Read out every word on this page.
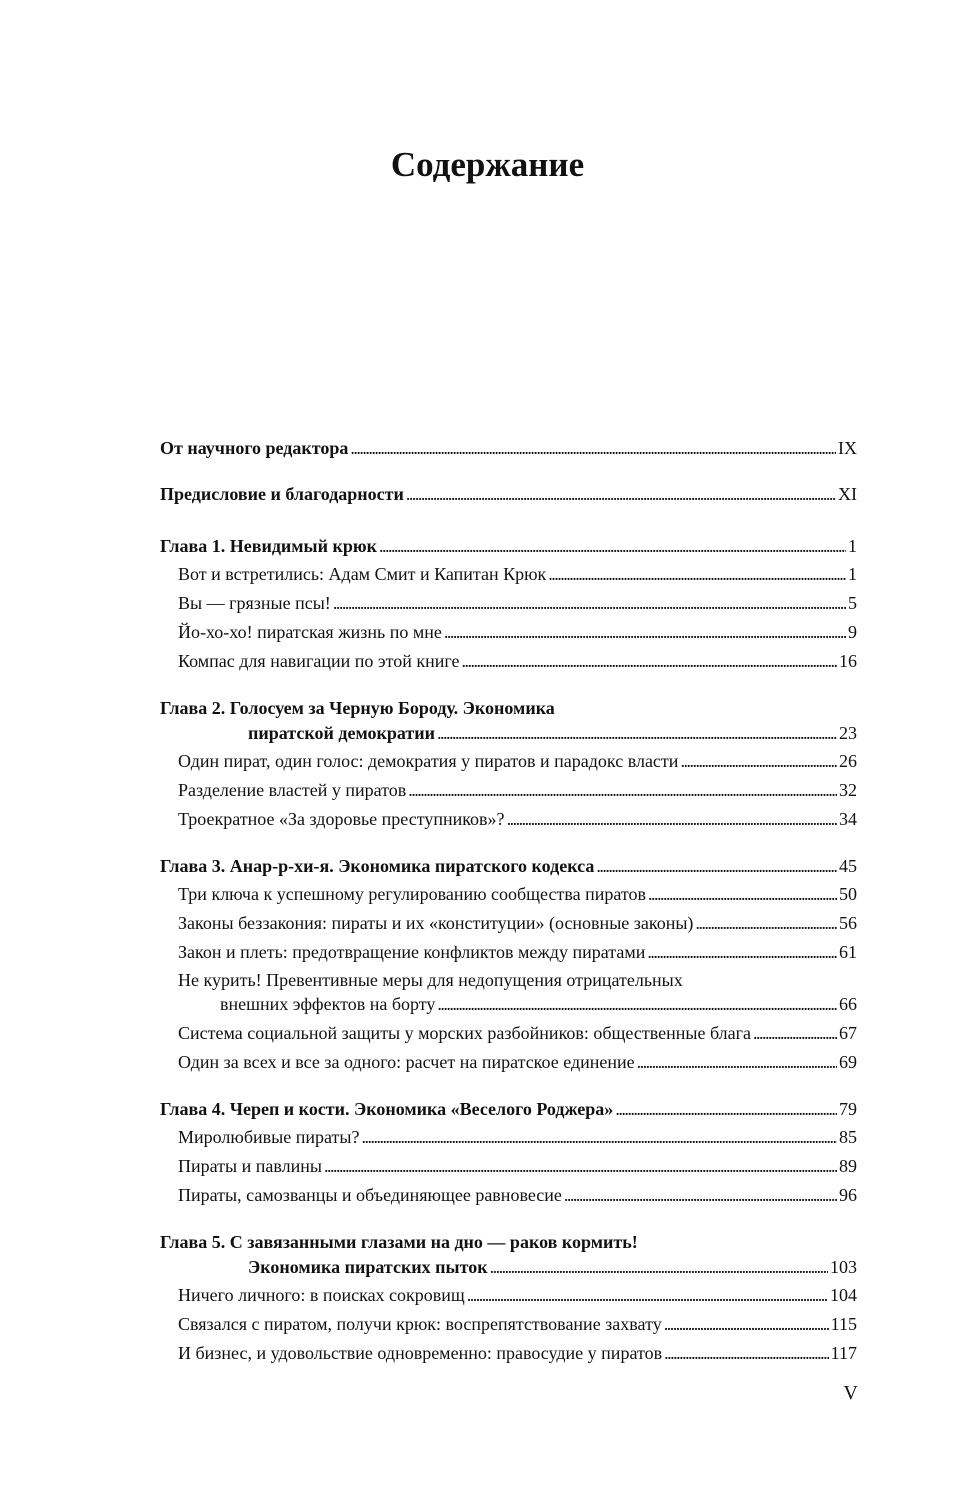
Содержание
От научного редактора . . .	IX
Предисловие и благодарности . . .	XI
Глава 1. Невидимый крюк . . .	1
Вот и встретились: Адам Смит и Капитан Крюк . . .	1
Вы — грязные псы! . . .	5
Йо-хо-хо! пиратская жизнь по мне . . .	9
Компас для навигации по этой книге . . .	16
Глава 2. Голосуем за Черную Бороду. Экономика
пиратской демократии . . .	23
Один пират, один голос: демократия у пиратов и парадокс власти . . .	26
Разделение властей у пиратов . . .	32
Троекратное «За здоровье преступников»? . . .	34
Глава 3. Анар-р-хи-я. Экономика пиратского кодекса . . .	45
Три ключа к успешному регулированию сообщества пиратов . . .	50
Законы беззакония: пираты и их «конституции» (основные законы) . . .	56
Закон и плеть: предотвращение конфликтов между пиратами . . .	61
Не курить! Превентивные меры для недопущения отрицательных
внешних эффектов на борту . . .	66
Система социальной защиты у морских разбойников: общественные блага . . .	67
Один за всех и все за одного: расчет на пиратское единение . . .	69
Глава 4. Череп и кости. Экономика «Веселого Роджера» . . .	79
Миролюбивые пираты? . . .	85
Пираты и павлины . . .	89
Пираты, самозванцы и объединяющее равновесие . . .	96
Глава 5. С завязанными глазами на дно — раков кормить!
Экономика пиратских пыток . . .	103
Ничего личного: в поисках сокровищ . . .	104
Связался с пиратом, получи крюк: воспрепятствование захвату . . .	115
И бизнес, и удовольствие одновременно: правосудие у пиратов . . .	117
V
